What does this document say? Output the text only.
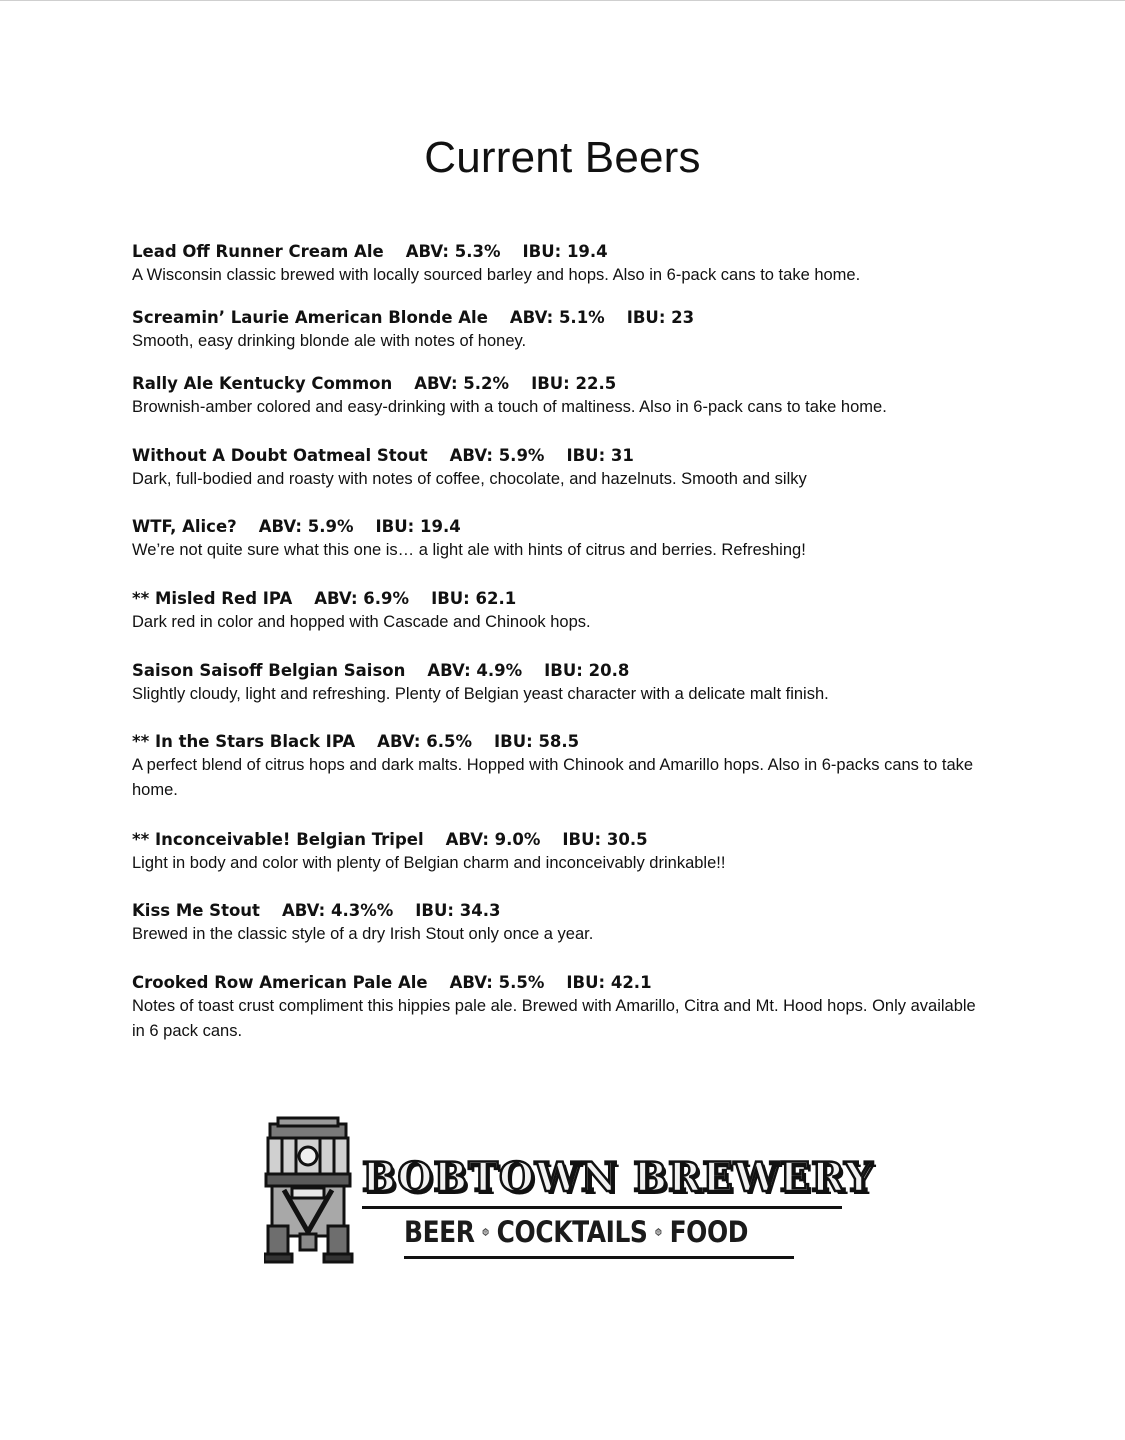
Current Beers
Lead Off Runner Cream Ale ABV: 5.3% IBU: 19.4
A Wisconsin classic brewed with locally sourced barley and hops. Also in 6-pack cans to take home.
Screamin’ Laurie American Blonde Ale ABV: 5.1% IBU: 23
Smooth, easy drinking blonde ale with notes of honey.
Rally Ale Kentucky Common ABV: 5.2% IBU: 22.5
Brownish-amber colored and easy-drinking with a touch of maltiness. Also in 6-pack cans to take home.
Without A Doubt Oatmeal Stout ABV: 5.9% IBU: 31
Dark, full-bodied and roasty with notes of coffee, chocolate, and hazelnuts. Smooth and silky
WTF, Alice? ABV: 5.9% IBU: 19.4
We’re not quite sure what this one is… a light ale with hints of citrus and berries. Refreshing!
** Misled Red IPA ABV: 6.9% IBU: 62.1
Dark red in color and hopped with Cascade and Chinook hops.
Saison Saisoff Belgian Saison ABV: 4.9% IBU: 20.8
Slightly cloudy, light and refreshing. Plenty of Belgian yeast character with a delicate malt finish.
** In the Stars Black IPA ABV: 6.5% IBU: 58.5
A perfect blend of citrus hops and dark malts. Hopped with Chinook and Amarillo hops. Also in 6-packs cans to take home.
** Inconceivable! Belgian Tripel ABV: 9.0% IBU: 30.5
Light in body and color with plenty of Belgian charm and inconceivably drinkable!!
Kiss Me Stout ABV: 4.3%% IBU: 34.3
Brewed in the classic style of a dry Irish Stout only once a year.
Crooked Row American Pale Ale ABV: 5.5% IBU: 42.1
Notes of toast crust compliment this hippies pale ale. Brewed with Amarillo, Citra and Mt. Hood hops. Only available in 6 pack cans.
BOBTOWN BREWERY
BEER COCKTAILS FOOD
